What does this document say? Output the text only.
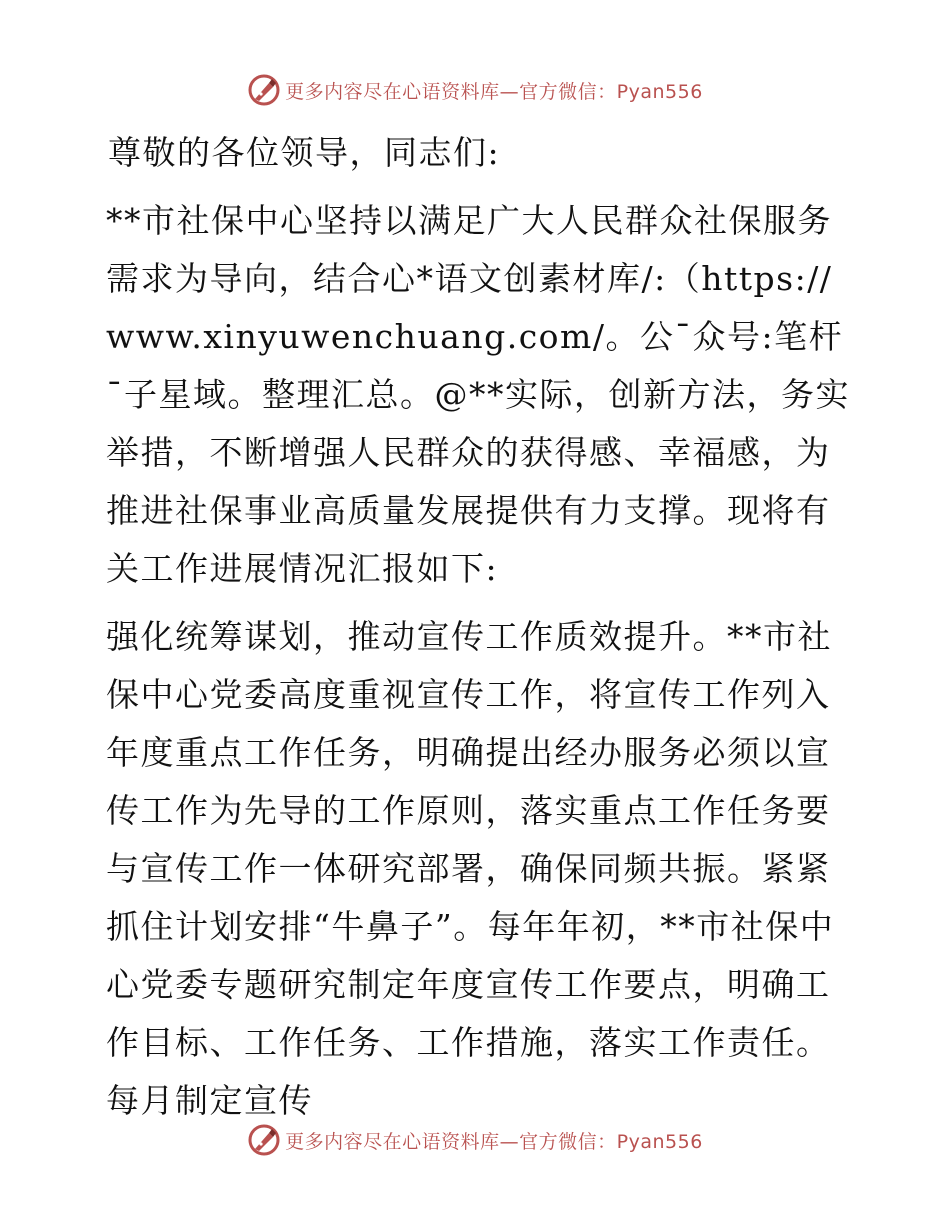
更多内容尽在心语资料库—官方微信：Pyan556

尊敬的各位领导，同志们:

**市社保中心坚持以满足广大人民群众社保服务需求为导向，结合心*语文创素材库/:（https://www.xinyuwenchuang.com/。公¯众号:笔杆¯子星域。整理汇总。@**实际，创新方法，务实举措，不断增强人民群众的获得感、幸福感，为推进社保事业高质量发展提供有力支撑。现将有关工作进展情况汇报如下:

强化统筹谋划，推动宣传工作质效提升。**市社保中心党委高度重视宣传工作，将宣传工作列入年度重点工作任务，明确提出经办服务必须以宣传工作为先导的工作原则，落实重点工作任务要与宣传工作一体研究部署，确保同频共振。紧紧抓住计划安排“牛鼻子”。每年年初，**市社保中心党委专题研究制定年度宣传工作要点，明确工作目标、工作任务、工作措施，落实工作责任。每月制定宣传

更多内容尽在心语资料库—官方微信：Pyan556
